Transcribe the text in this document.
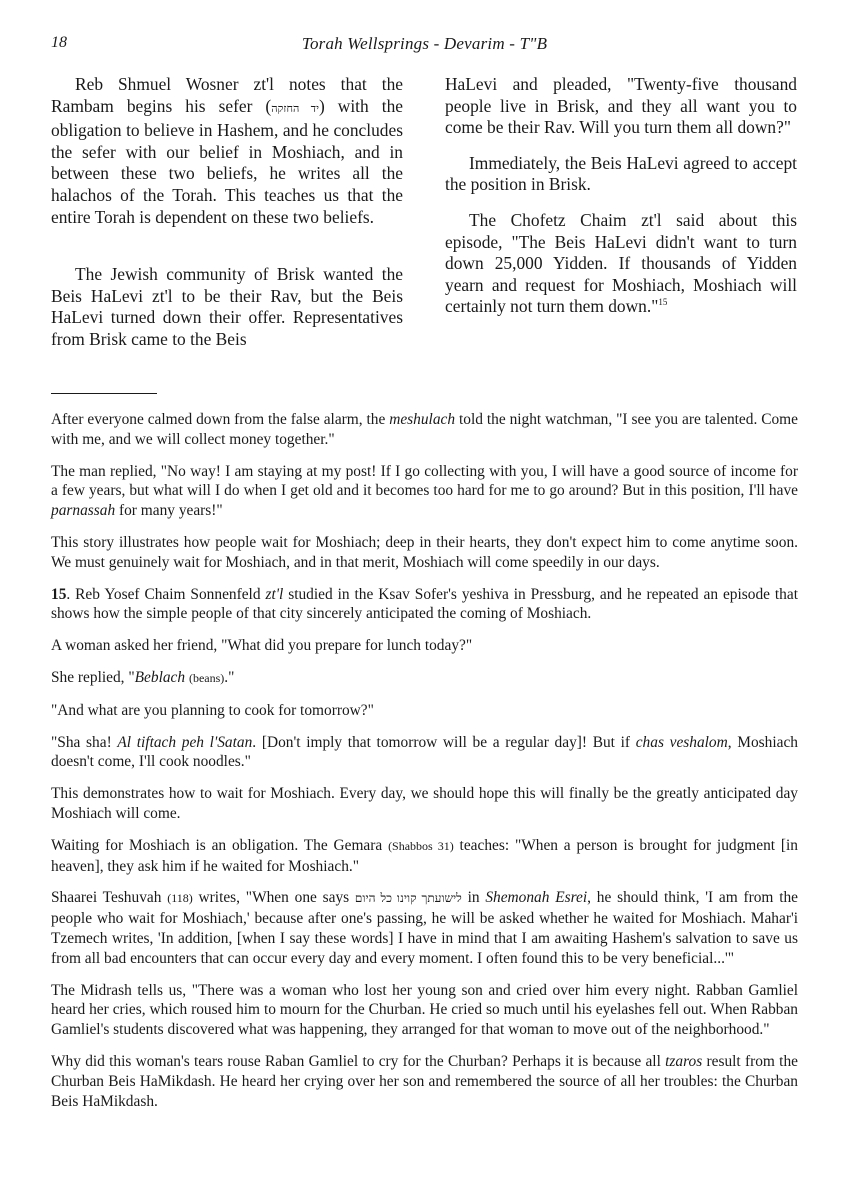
18	Torah Wellsprings - Devarim - T"B

Reb Shmuel Wosner zt'l notes that the Rambam begins his sefer (יד החזקה) with the obligation to believe in Hashem, and he concludes the sefer with our belief in Moshiach, and in between these two beliefs, he writes all the halachos of the Torah. This teaches us that the entire Torah is dependent on these two beliefs.

The Jewish community of Brisk wanted the Beis HaLevi zt'l to be their Rav, but the Beis HaLevi turned down their offer. Representatives from Brisk came to the Beis

HaLevi and pleaded, "Twenty-five thousand people live in Brisk, and they all want you to come be their Rav. Will you turn them all down?"

Immediately, the Beis HaLevi agreed to accept the position in Brisk.

The Chofetz Chaim zt'l said about this episode, "The Beis HaLevi didn't want to turn down 25,000 Yidden. If thousands of Yidden yearn and request for Moshiach, Moshiach will certainly not turn them down."$^{15}$

After everyone calmed down from the false alarm, the meshulach told the night watchman, "I see you are talented. Come with me, and we will collect money together."

The man replied, "No way! I am staying at my post! If I go collecting with you, I will have a good source of income for a few years, but what will I do when I get old and it becomes too hard for me to go around? But in this position, I'll have parnassah for many years!"

This story illustrates how people wait for Moshiach; deep in their hearts, they don't expect him to come anytime soon. We must genuinely wait for Moshiach, and in that merit, Moshiach will come speedily in our days.

15. Reb Yosef Chaim Sonnenfeld zt'l studied in the Ksav Sofer's yeshiva in Pressburg, and he repeated an episode that shows how the simple people of that city sincerely anticipated the coming of Moshiach.

A woman asked her friend, "What did you prepare for lunch today?"

She replied, "Beblach (beans)."

"And what are you planning to cook for tomorrow?"

"Sha sha! Al tiftach peh l'Satan. [Don't imply that tomorrow will be a regular day]! But if chas veshalom, Moshiach doesn't come, I'll cook noodles."

This demonstrates how to wait for Moshiach. Every day, we should hope this will finally be the greatly anticipated day Moshiach will come.

Waiting for Moshiach is an obligation. The Gemara (Shabbos 31) teaches: "When a person is brought for judgment [in heaven], they ask him if he waited for Moshiach."

Shaarei Teshuvah (118) writes, "When one says לישועתך קוינו כל היום in Shemonah Esrei, he should think, 'I am from the people who wait for Moshiach,' because after one's passing, he will be asked whether he waited for Moshiach. Mahar'i Tzemech writes, 'In addition, [when I say these words] I have in mind that I am awaiting Hashem's salvation to save us from all bad encounters that can occur every day and every moment. I often found this to be very beneficial...'"

The Midrash tells us, "There was a woman who lost her young son and cried over him every night. Rabban Gamliel heard her cries, which roused him to mourn for the Churban. He cried so much until his eyelashes fell out. When Rabban Gamliel's students discovered what was happening, they arranged for that woman to move out of the neighborhood."

Why did this woman's tears rouse Raban Gamliel to cry for the Churban? Perhaps it is because all tzaros result from the Churban Beis HaMikdash. He heard her crying over her son and remembered the source of all her troubles: the Churban Beis HaMikdash.
